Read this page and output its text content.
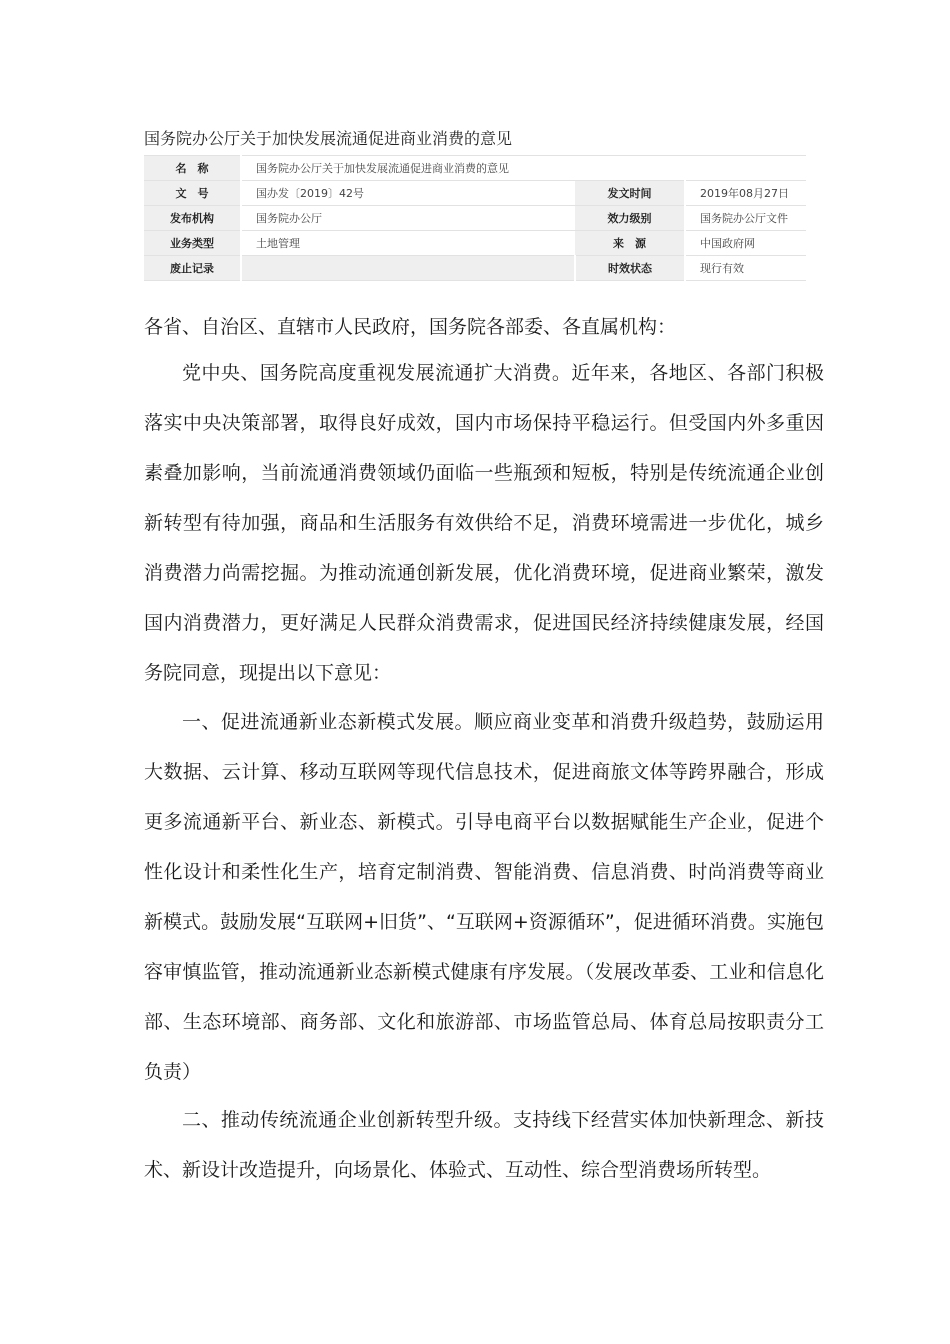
国务院办公厅关于加快发展流通促进商业消费的意见
名　称	国务院办公厅关于加快发展流通促进商业消费的意见		
文　号	国办发〔2019〕42号	发文时间	2019年08月27日
发布机构	国务院办公厅	效力级别	国务院办公厅文件
业务类型	土地管理	来　源	中国政府网
废止记录		时效状态	现行有效
各省、自治区、直辖市人民政府，国务院各部委、各直属机构：

党中央、国务院高度重视发展流通扩大消费。近年来，各地区、各部门积极落实中央决策部署，取得良好成效，国内市场保持平稳运行。但受国内外多重因素叠加影响，当前流通消费领域仍面临一些瓶颈和短板，特别是传统流通企业创新转型有待加强，商品和生活服务有效供给不足，消费环境需进一步优化，城乡消费潜力尚需挖掘。为推动流通创新发展，优化消费环境，促进商业繁荣，激发国内消费潜力，更好满足人民群众消费需求，促进国民经济持续健康发展，经国务院同意，现提出以下意见：

一、促进流通新业态新模式发展。顺应商业变革和消费升级趋势，鼓励运用大数据、云计算、移动互联网等现代信息技术，促进商旅文体等跨界融合，形成更多流通新平台、新业态、新模式。引导电商平台以数据赋能生产企业，促进个性化设计和柔性化生产，培育定制消费、智能消费、信息消费、时尚消费等商业新模式。鼓励发展“互联网+旧货”、“互联网+资源循环”，促进循环消费。实施包容审慎监管，推动流通新业态新模式健康有序发展。（发展改革委、工业和信息化部、生态环境部、商务部、文化和旅游部、市场监管总局、体育总局按职责分工负责）

二、推动传统流通企业创新转型升级。支持线下经营实体加快新理念、新技术、新设计改造提升，向场景化、体验式、互动性、综合型消费场所转型。
